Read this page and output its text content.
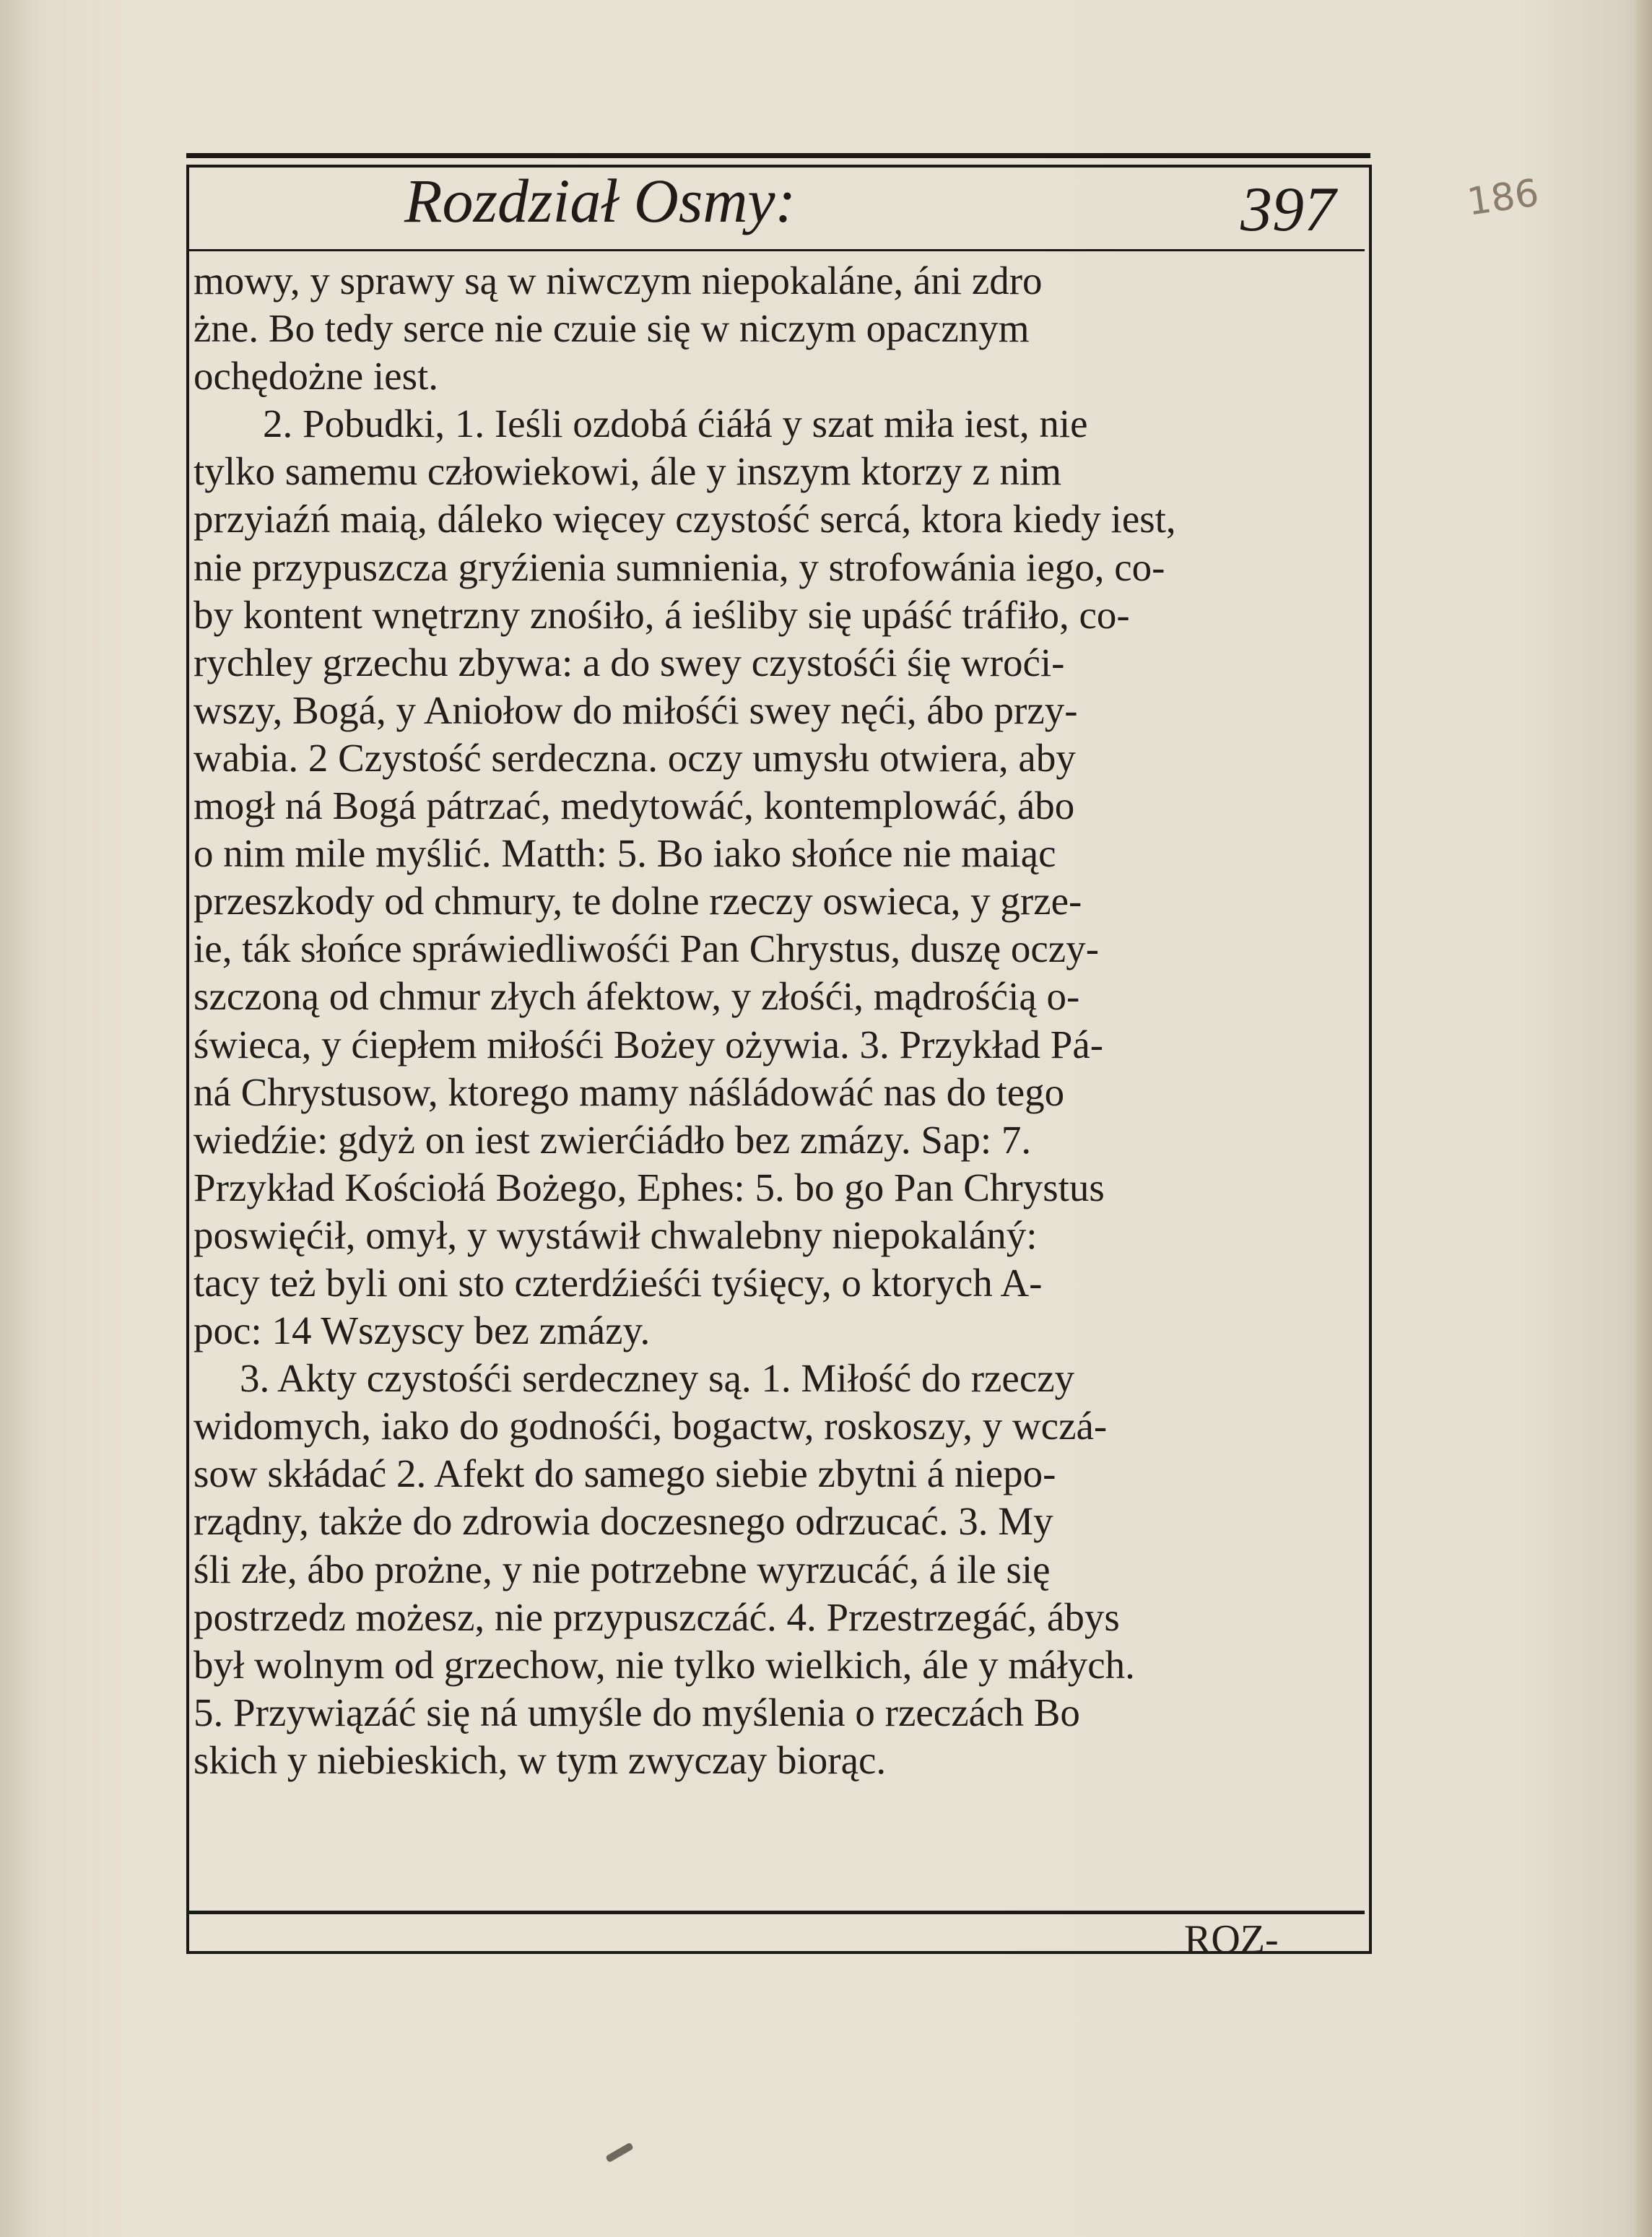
Rozdział Osmy:	397	186
mowy, y sprawy są w niwczym niepokaláne, áni zdro
żne. Bo tedy serce nie czuie się w niczym opacznym
ochędożne iest.
2. Pobudki, 1. Ieśli ozdobá ćiáłá y szat miła iest, nie
tylko samemu człowiekowi, ále y inszym ktorzy z nim
przyiaźń maią, dáleko więcey czystość sercá, ktora kiedy iest,
nie przypuszcza gryźienia sumnienia, y strofowánia iego, co-
by kontent wnętrzny znośiło, á ieśliby się upáść tráfiło, co-
rychley grzechu zbywa: a do swey czystośći śię wroći-
wszy, Bogá, y Aniołow do miłośći swey nęći, ábo przy-
wabia. 2 Czystość serdeczna. oczy umysłu otwiera, aby
mogł ná Bogá pátrzać, medytowáć, kontemplowáć, ábo
o nim mile myślić. Matth: 5. Bo iako słońce nie maiąc
przeszkody od chmury, te dolne rzeczy oswieca, y grze-
ie, ták słońce spráwiedliwośći Pan Chrystus, duszę oczy-
szczoną od chmur złych áfektow, y złośći, mądrośćią o-
świeca, y ćiepłem miłośći Bożey ożywia. 3. Przykład Pá-
ná Chrystusow, ktorego mamy náśládowáć nas do tego
wiedźie: gdyż on iest zwierćiádło bez zmázy. Sap: 7.
Przykład Kościołá Bożego, Ephes: 5. bo go Pan Chrystus
poswięćił, omył, y wystáwił chwalebny niepokaláný:
tacy też byli oni sto czterdźieśći tyśięcy, o ktorych A-
poc: 14 Wszyscy bez zmázy.
3. Akty czystośći serdeczney są. 1. Miłość do rzeczy
widomych, iako do godnośći, bogactw, roskoszy, y wczá-
sow skłádać 2. Afekt do samego siebie zbytni á niepo-
rządny, także do zdrowia doczesnego odrzucać. 3. My
śli złe, ábo prożne, y nie potrzebne wyrzucáć, á ile się
postrzedz możesz, nie przypuszczáć. 4. Przestrzegáć, ábys
był wolnym od grzechow, nie tylko wielkich, ále y máłych.
5. Przywiązáć się ná umyśle do myślenia o rzeczách Bo
skich y niebieskich, w tym zwyczay biorąc.
ROZ-
